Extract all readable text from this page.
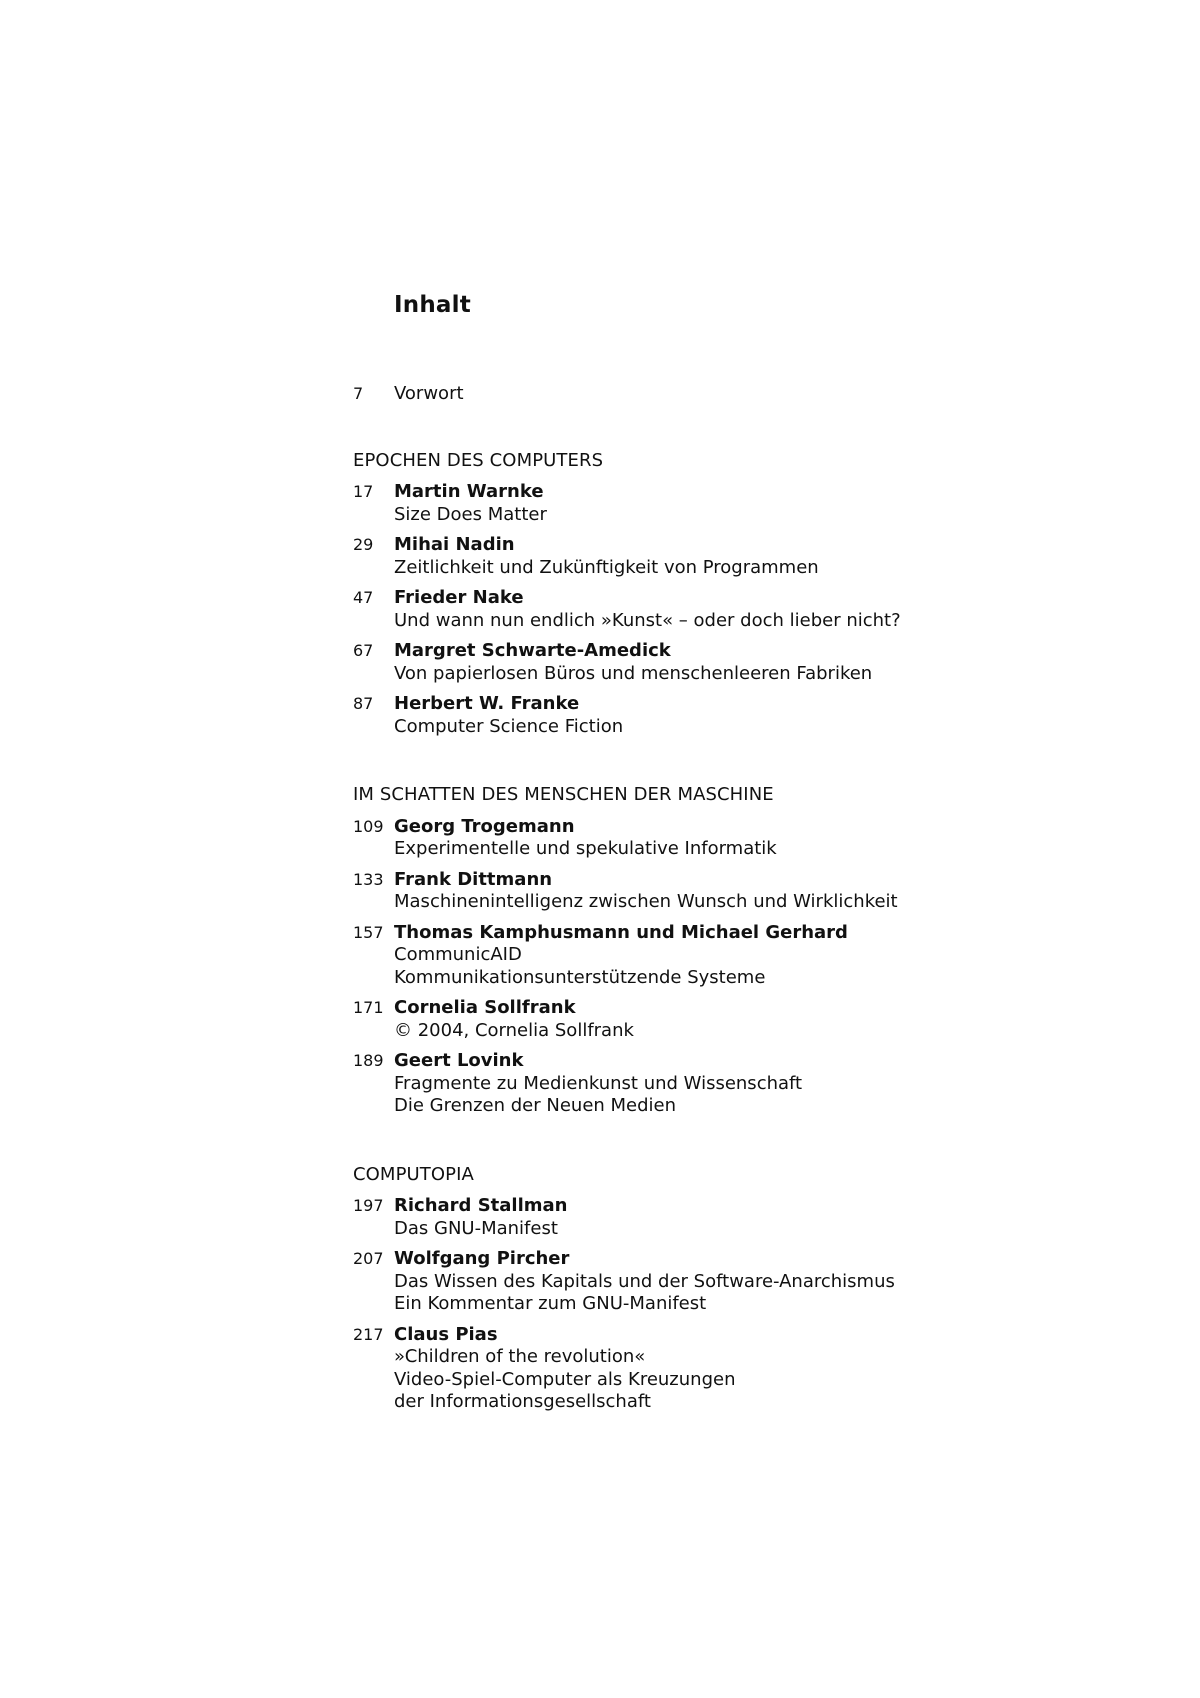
Inhalt
7 Vorwort
EPOCHEN DES COMPUTERS
17 Martin Warnke
Size Does Matter
29 Mihai Nadin
Zeitlichkeit und Zukünftigkeit von Programmen
47 Frieder Nake
Und wann nun endlich »Kunst« – oder doch lieber nicht?
67 Margret Schwarte-Amedick
Von papierlosen Büros und menschenleeren Fabriken
87 Herbert W. Franke
Computer Science Fiction
IM SCHATTEN DES MENSCHEN DER MASCHINE
109 Georg Trogemann
Experimentelle und spekulative Informatik
133 Frank Dittmann
Maschinenintelligenz zwischen Wunsch und Wirklichkeit
157 Thomas Kamphusmann und Michael Gerhard
CommunicAID
Kommunikationsunterstützende Systeme
171 Cornelia Sollfrank
© 2004, Cornelia Sollfrank
189 Geert Lovink
Fragmente zu Medienkunst und Wissenschaft
Die Grenzen der Neuen Medien
COMPUTOPIA
197 Richard Stallman
Das GNU-Manifest
207 Wolfgang Pircher
Das Wissen des Kapitals und der Software-Anarchismus
Ein Kommentar zum GNU-Manifest
217 Claus Pias
»Children of the revolution«
Video-Spiel-Computer als Kreuzungen
der Informationsgesellschaft
